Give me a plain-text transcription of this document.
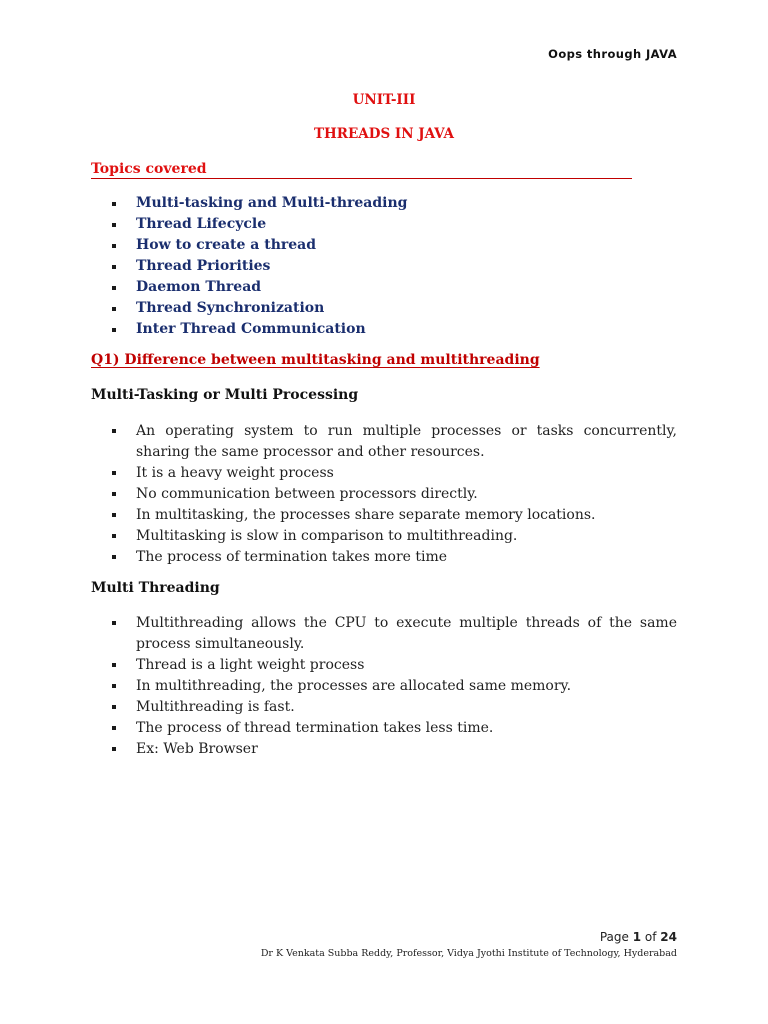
Oops through JAVA
UNIT-III
THREADS IN JAVA
Topics covered
Multi-tasking and Multi-threading
Thread Lifecycle
How to create a thread
Thread Priorities
Daemon Thread
Thread Synchronization
Inter Thread Communication
Q1) Difference between multitasking and multithreading
Multi-Tasking or Multi Processing
An operating system to run multiple processes or tasks concurrently, sharing the same processor and other resources.
It is a heavy weight process
No communication between processors directly.
In multitasking, the processes share separate memory locations.
Multitasking is slow in comparison to multithreading.
The process of termination takes more time
Multi Threading
Multithreading allows the CPU to execute multiple threads of the same process simultaneously.
Thread is a light weight process
In multithreading, the processes are allocated same memory.
Multithreading is fast.
The process of thread termination takes less time.
Ex: Web Browser
Page 1 of 24
Dr K Venkata Subba Reddy, Professor, Vidya Jyothi Institute of Technology, Hyderabad
